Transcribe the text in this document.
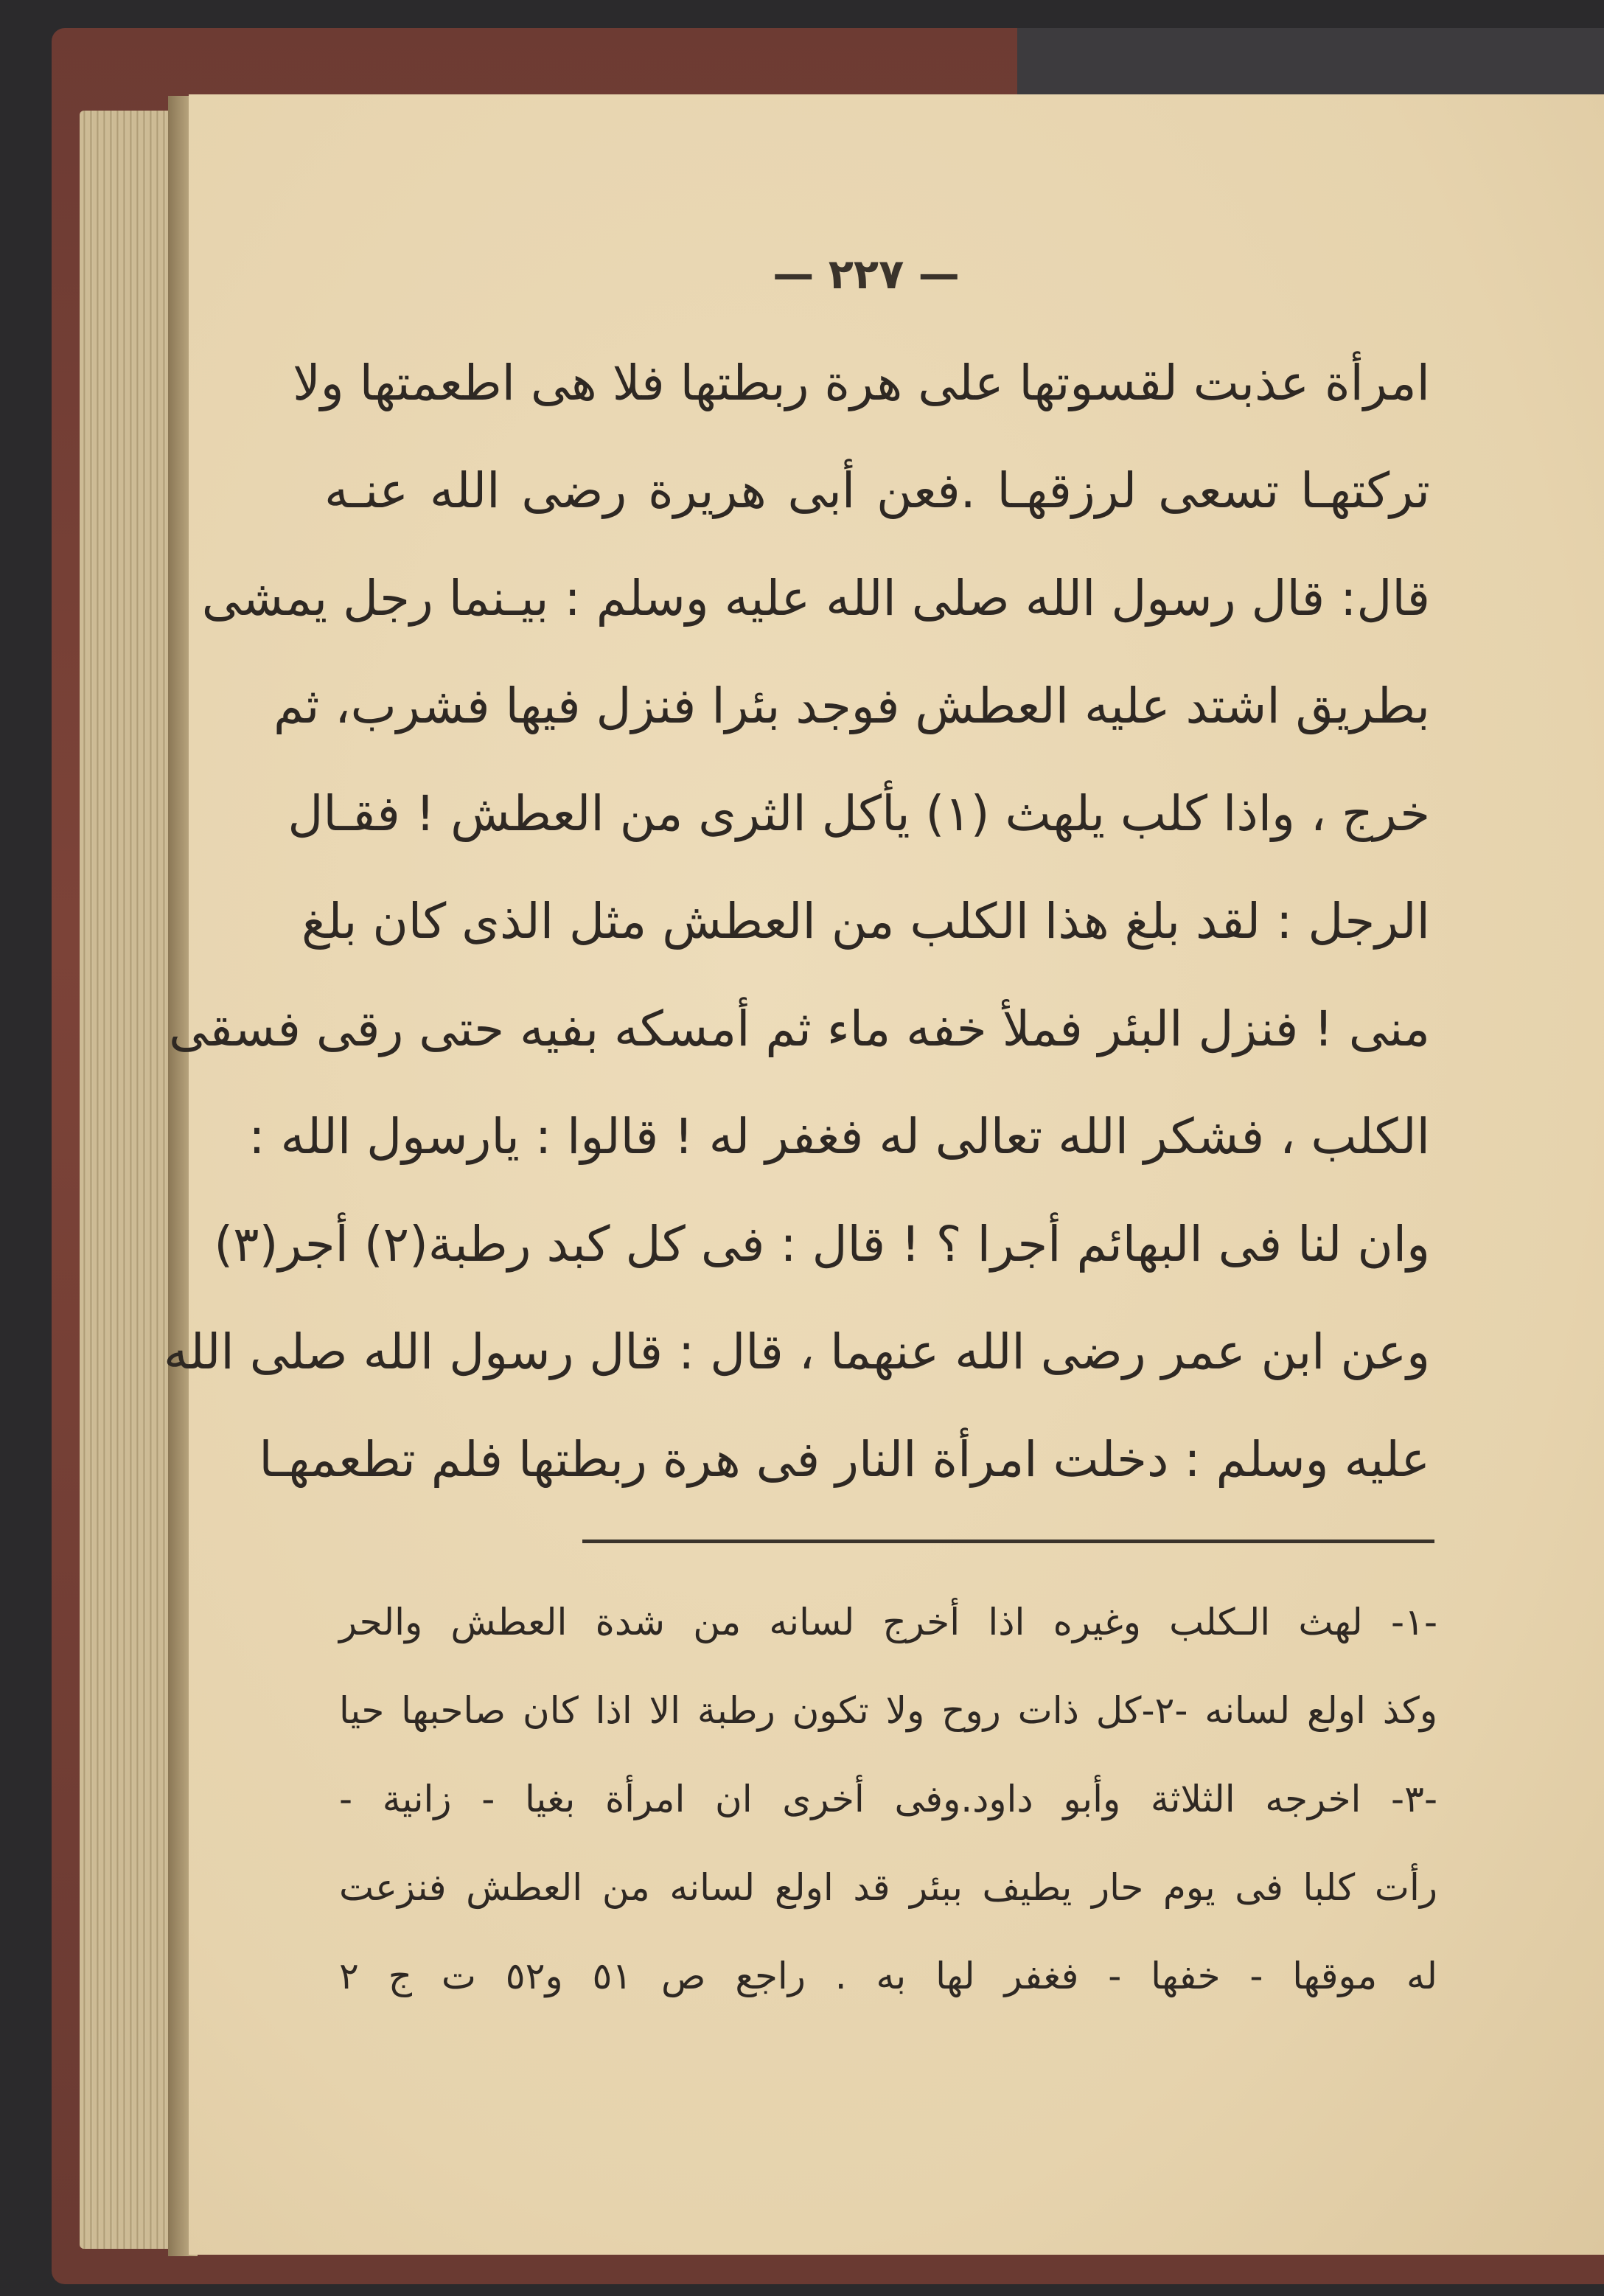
— ٢٢٧ —
امرأة عذبت لقسوتها على هرة ربطتها فلا هى اطعمتها ولا
تركتهـا تسعى لرزقهـا .فعن أبى هريرة رضى الله عنـه
قال: قال رسول الله صلى الله عليه وسلم : بيـنما رجل يمشى
بطريق اشتد عليه العطش فوجد بئرا فنزل فيها فشرب، ثم
خرج ، واذا كلب يلهث (١) يأكل الثرى من العطش ! فقـال
الرجل : لقد بلغ هذا الكلب من العطش مثل الذى كان بلغ
منى ! فنزل البئر فملأ خفه ماء ثم أمسكه بفيه حتى رقى فسقى
الكلب ، فشكر الله تعالى له فغفر له ! قالوا : يارسول الله :
وان لنا فى البهائم أجرا ؟ ! قال : فى كل كبد رطبة(٢) أجر(٣)
وعن ابن عمر رضى الله عنهما ، قال : قال رسول الله صلى الله
عليه وسلم : دخلت امرأة النار فى هرة ربطتها فلم تطعمهـا
-١- لهث الـكلب وغيره اذا أخرج لسانه من شدة العطش والحر
وكذ اولع لسانه -٢-كل ذات روح ولا تكون رطبة الا اذا كان صاحبها حيا
-٣- اخرجه الثلاثة وأبو داود.وفى أخرى ان امرأة بغيا - زانية -
رأت كلبا فى يوم حار يطيف ببئر قد اولع لسانه من العطش فنزعت
له موقها - خفها - فغفر لها به . راجع ص ٥١ و٥٢ ت ج ٢
